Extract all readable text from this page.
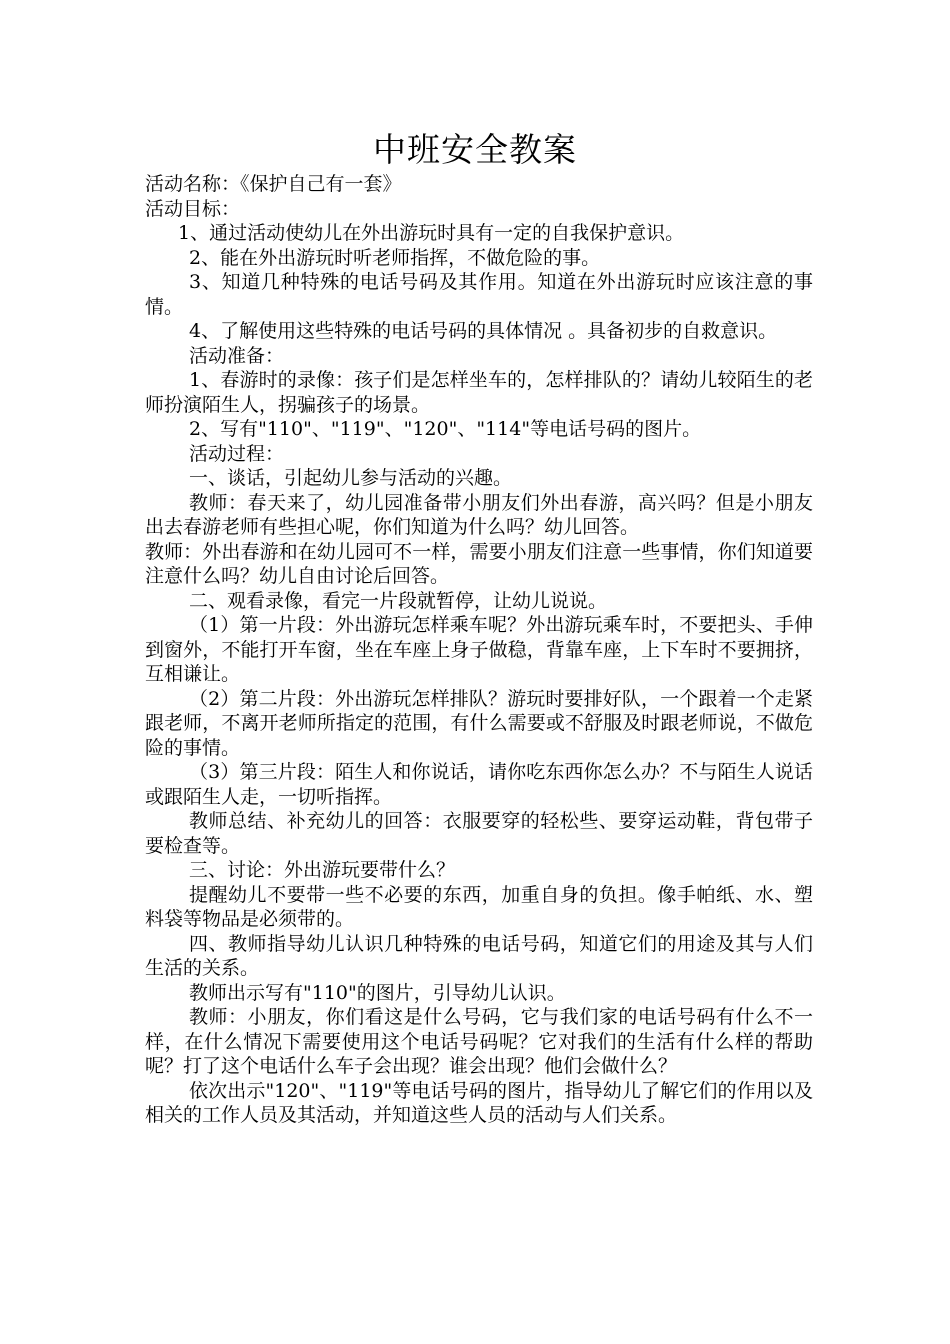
中班安全教案

活动名称：《保护自己有一套》

活动目标：

1、通过活动使幼儿在外出游玩时具有一定的自我保护意识。

2、能在外出游玩时听老师指挥，不做危险的事。

3、知道几种特殊的电话号码及其作用。知道在外出游玩时应该注意的事情。

4、了解使用这些特殊的电话号码的具体情况 。具备初步的自救意识。

活动准备：

1、春游时的录像：孩子们是怎样坐车的，怎样排队的？请幼儿较陌生的老师扮演陌生人，拐骗孩子的场景。

2、写有"110"、"119"、"120"、"114"等电话号码的图片。

活动过程：

一、谈话，引起幼儿参与活动的兴趣。

教师：春天来了，幼儿园准备带小朋友们外出春游，高兴吗？但是小朋友出去春游老师有些担心呢，你们知道为什么吗？幼儿回答。

教师：外出春游和在幼儿园可不一样，需要小朋友们注意一些事情，你们知道要注意什么吗？幼儿自由讨论后回答。

二、观看录像，看完一片段就暂停，让幼儿说说。

（1）第一片段：外出游玩怎样乘车呢？外出游玩乘车时，不要把头、手伸到窗外，不能打开车窗，坐在车座上身子做稳，背靠车座，上下车时不要拥挤，互相谦让。

（2）第二片段：外出游玩怎样排队？游玩时要排好队，一个跟着一个走紧跟老师，不离开老师所指定的范围，有什么需要或不舒服及时跟老师说，不做危险的事情。

（3）第三片段：陌生人和你说话，请你吃东西你怎么办？不与陌生人说话或跟陌生人走，一切听指挥。

教师总结、补充幼儿的回答：衣服要穿的轻松些、要穿运动鞋，背包带子要检查等。

三、讨论：外出游玩要带什么？

提醒幼儿不要带一些不必要的东西，加重自身的负担。像手帕纸、水、塑料袋等物品是必须带的。

四、教师指导幼儿认识几种特殊的电话号码，知道它们的用途及其与人们生活的关系。

教师出示写有"110"的图片，引导幼儿认识。

教师：小朋友，你们看这是什么号码，它与我们家的电话号码有什么不一样，在什么情况下需要使用这个电话号码呢？它对我们的生活有什么样的帮助呢？打了这个电话什么车子会出现？谁会出现？他们会做什么？

依次出示"120"、"119"等电话号码的图片，指导幼儿了解它们的作用以及相关的工作人员及其活动，并知道这些人员的活动与人们关系。
